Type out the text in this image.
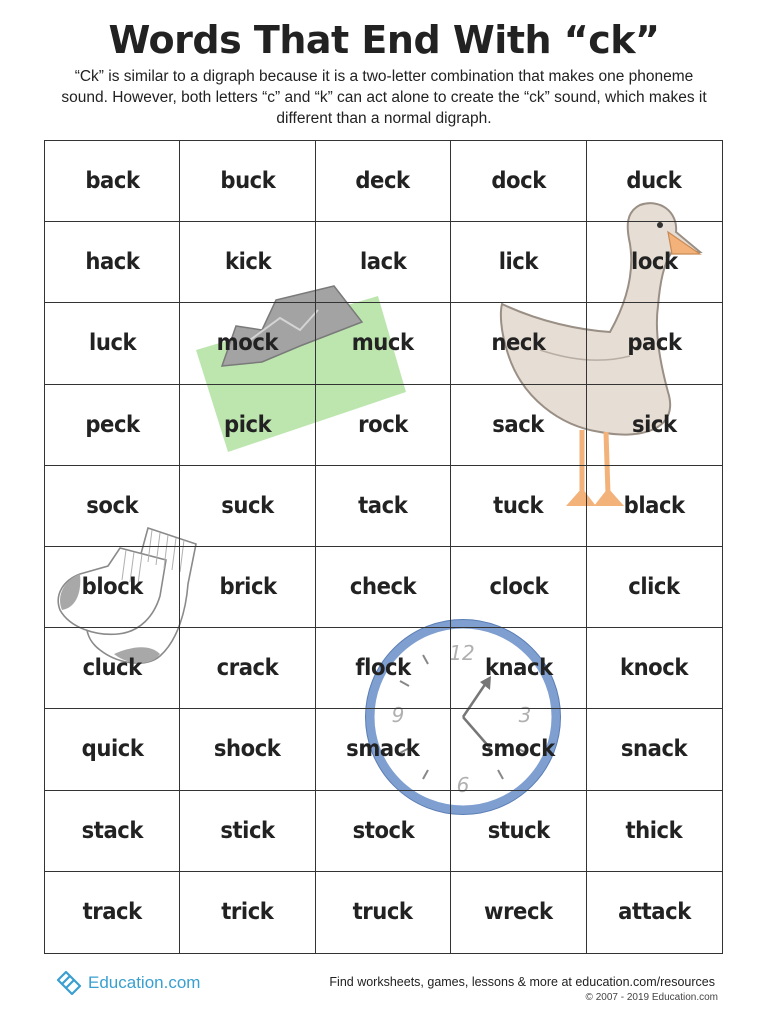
Words That End With “ck”
“Ck” is similar to a digraph because it is a two-letter combination that makes one phoneme sound. However, both letters “c” and “k” can act alone to create the “ck” sound, which makes it different than a normal digraph.
12
3
6
9
back	buck	deck	dock	duck
hack	kick	lack	lick	lock
luck	mock	muck	neck	pack
peck	pick	rock	sack	sick
sock	suck	tack	tuck	black
block	brick	check	clock	click
cluck	crack	flock	knack	knock
quick	shock	smack	smock	snack
stack	stick	stock	stuck	thick
track	trick	truck	wreck	attack
Education.com	Find worksheets, games, lessons & more at education.com/resources
© 2007 - 2019 Education.com
